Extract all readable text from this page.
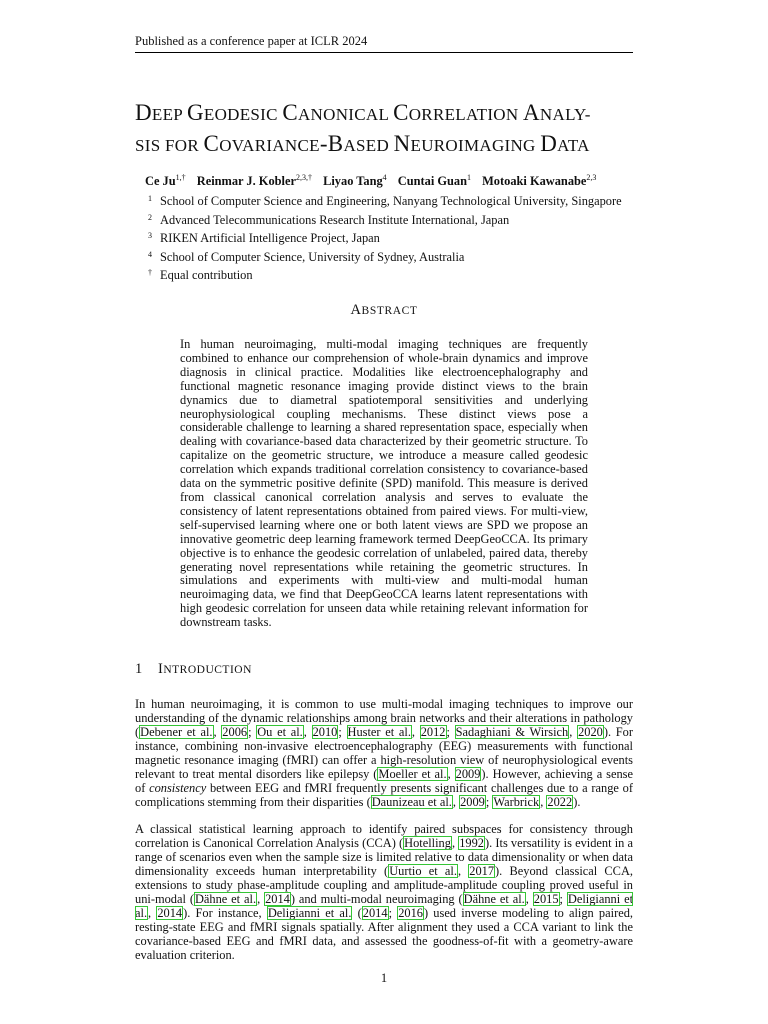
Published as a conference paper at ICLR 2024
DEEP GEODESIC CANONICAL CORRELATION ANALY-
SIS FOR COVARIANCE-BASED NEUROIMAGING DATA
Ce $Ju^{1,\dagger}$ Reinmar J. Kobler$^{2,3,\dagger}$ Liyao Tang$^4$ Cuntai Guan$^1$ Motoaki Kawanabe$^{2,3}$
1 School of Computer Science and Engineering, Nanyang Technological University, Singapore
2 Advanced Telecommunications Research Institute International, Japan
3 RIKEN Artificial Intelligence Project, Japan
4 School of Computer Science, University of Sydney, Australia
† Equal contribution
ABSTRACT
In human neuroimaging, multi-modal imaging techniques are frequently combined to enhance our comprehension of whole-brain dynamics and improve diagnosis in clinical practice. Modalities like electroencephalography and functional magnetic resonance imaging provide distinct views to the brain dynamics due to diametral spatiotemporal sensitivities and underlying neurophysiological coupling mechanisms. These distinct views pose a considerable challenge to learning a shared representation space, especially when dealing with covariance-based data characterized by their geometric structure. To capitalize on the geometric structure, we introduce a measure called geodesic correlation which expands traditional correlation consistency to covariance-based data on the symmetric positive definite (SPD) manifold. This measure is derived from classical canonical correlation analysis and serves to evaluate the consistency of latent representations obtained from paired views. For multi-view, self-supervised learning where one or both latent views are SPD we propose an innovative geometric deep learning framework termed DeepGeoCCA. Its primary objective is to enhance the geodesic correlation of unlabeled, paired data, thereby generating novel representations while retaining the geometric structures. In simulations and experiments with multi-view and multi-modal human neuroimaging data, we find that DeepGeoCCA learns latent representations with high geodesic correlation for unseen data while retaining relevant information for downstream tasks.
1 INTRODUCTION
In human neuroimaging, it is common to use multi-modal imaging techniques to improve our understanding of the dynamic relationships among brain networks and their alterations in pathology (Debener et al., 2006; Ou et al., 2010; Huster et al., 2012; Sadaghiani & Wirsich, 2020). For instance, combining non-invasive electroencephalography (EEG) measurements with functional magnetic resonance imaging (fMRI) can offer a high-resolution view of neurophysiological events relevant to treat mental disorders like epilepsy (Moeller et al., 2009). However, achieving a sense of consistency between EEG and fMRI frequently presents significant challenges due to a range of complications stemming from their disparities (Daunizeau et al., 2009; Warbrick, 2022).
A classical statistical learning approach to identify paired subspaces for consistency through correlation is Canonical Correlation Analysis (CCA) (Hotelling, 1992). Its versatility is evident in a range of scenarios even when the sample size is limited relative to data dimensionality or when data dimensionality exceeds human interpretability (Uurtio et al., 2017). Beyond classical CCA, extensions to study phase-amplitude coupling and amplitude-amplitude coupling proved useful in uni-modal (Dähne et al., 2014) and multi-modal neuroimaging (Dähne et al., 2015; Deligianni et al., 2014). For instance, Deligianni et al. (2014; 2016) used inverse modeling to align paired, resting-state EEG and fMRI signals spatially. After alignment they used a CCA variant to link the covariance-based EEG and fMRI data, and assessed the goodness-of-fit with a geometry-aware evaluation criterion.
1
